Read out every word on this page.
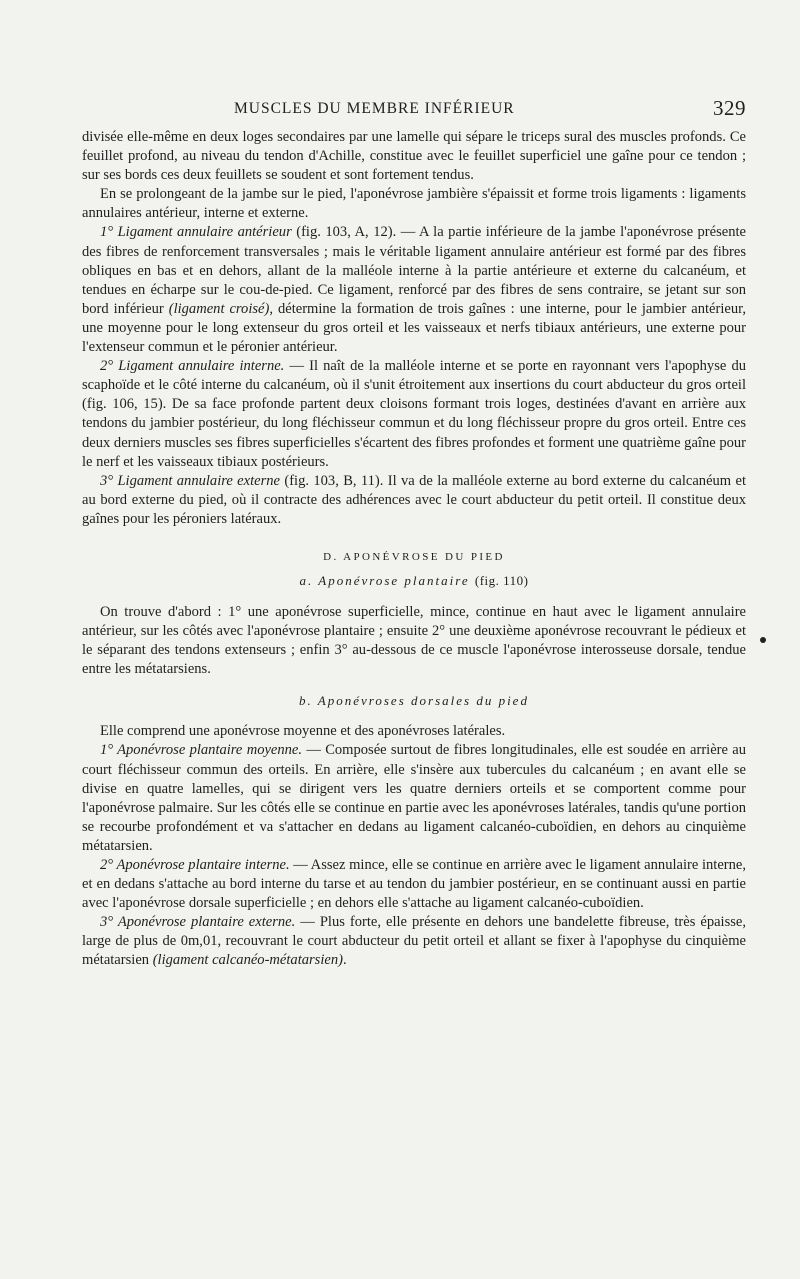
MUSCLES DU MEMBRE INFÉRIEUR	329

divisée elle-même en deux loges secondaires par une lamelle qui sépare le triceps sural des muscles profonds. Ce feuillet profond, au niveau du tendon d'Achille, constitue avec le feuillet superficiel une gaîne pour ce tendon ; sur ses bords ces deux feuillets se soudent et sont fortement tendus.

En se prolongeant de la jambe sur le pied, l'aponévrose jambière s'épaissit et forme trois ligaments : ligaments annulaires antérieur, interne et externe.

1° Ligament annulaire antérieur (fig. 103, A, 12). — A la partie inférieure de la jambe l'aponévrose présente des fibres de renforcement transversales ; mais le véritable ligament annulaire antérieur est formé par des fibres obliques en bas et en dehors, allant de la malléole interne à la partie antérieure et externe du calcanéum, et tendues en écharpe sur le cou-de-pied. Ce ligament, renforcé par des fibres de sens contraire, se jetant sur son bord inférieur (ligament croisé), détermine la formation de trois gaînes : une interne, pour le jambier antérieur, une moyenne pour le long extenseur du gros orteil et les vaisseaux et nerfs tibiaux antérieurs, une externe pour l'extenseur commun et le péronier antérieur.

2° Ligament annulaire interne. — Il naît de la malléole interne et se porte en rayonnant vers l'apophyse du scaphoïde et le côté interne du calcanéum, où il s'unit étroitement aux insertions du court abducteur du gros orteil (fig. 106, 15). De sa face profonde partent deux cloisons formant trois loges, destinées d'avant en arrière aux tendons du jambier postérieur, du long fléchisseur commun et du long fléchisseur propre du gros orteil. Entre ces deux derniers muscles ses fibres superficielles s'écartent des fibres profondes et forment une quatrième gaîne pour le nerf et les vaisseaux tibiaux postérieurs.

3° Ligament annulaire externe (fig. 103, B, 11). Il va de la malléole externe au bord externe du calcanéum et au bord externe du pied, où il contracte des adhérences avec le court abducteur du petit orteil. Il constitue deux gaînes pour les péroniers latéraux.

D. APONÉVROSE DU PIED
a. Aponévrose plantaire (fig. 110)

On trouve d'abord : 1° une aponévrose superficielle, mince, continue en haut avec le ligament annulaire antérieur, sur les côtés avec l'aponévrose plantaire ; ensuite 2° une deuxième aponévrose recouvrant le pédieux et le séparant des tendons extenseurs ; enfin 3° au-dessous de ce muscle l'aponévrose interosseuse dorsale, tendue entre les métatarsiens.

b. Aponévroses dorsales du pied

Elle comprend une aponévrose moyenne et des aponévroses latérales.

1° Aponévrose plantaire moyenne. — Composée surtout de fibres longitudinales, elle est soudée en arrière au court fléchisseur commun des orteils. En arrière, elle s'insère aux tubercules du calcanéum ; en avant elle se divise en quatre lamelles, qui se dirigent vers les quatre derniers orteils et se comportent comme pour l'aponévrose palmaire. Sur les côtés elle se continue en partie avec les aponévroses latérales, tandis qu'une portion se recourbe profondément et va s'attacher en dedans au ligament calcanéo-cuboïdien, en dehors au cinquième métatarsien.

2° Aponévrose plantaire interne. — Assez mince, elle se continue en arrière avec le ligament annulaire interne, et en dedans s'attache au bord interne du tarse et au tendon du jambier postérieur, en se continuant aussi en partie avec l'aponévrose dorsale superficielle ; en dehors elle s'attache au ligament calcanéo-cuboïdien.

3° Aponévrose plantaire externe. — Plus forte, elle présente en dehors une bandelette fibreuse, très épaisse, large de plus de 0m,01, recouvrant le court abducteur du petit orteil et allant se fixer à l'apophyse du cinquième métatarsien (ligament calcanéo-métatarsien).
